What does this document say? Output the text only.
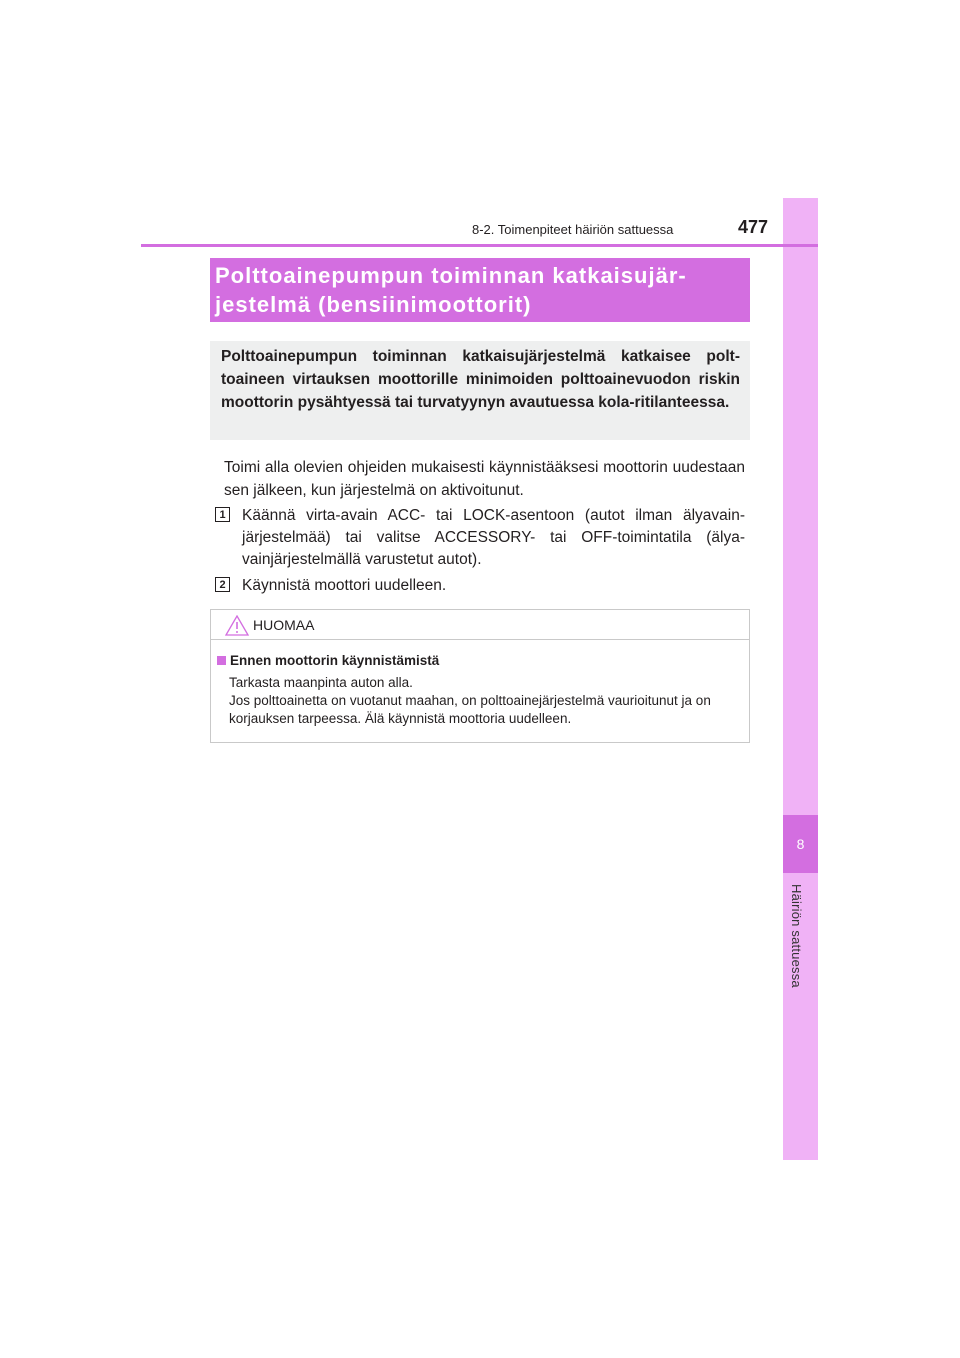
8
Häiriön sattuessa
8-2. Toimenpiteet häiriön sattuessa	477
Polttoainepumpun toiminnan katkaisujär-
jestelmä (bensiinimoottorit)
Polttoainepumpun toiminnan katkaisujärjestelmä katkaisee polt-toaineen virtauksen moottorille minimoiden polttoainevuodon riskin moottorin pysähtyessä tai turvatyynyn avautuessa kola-ritilanteessa.
Toimi alla olevien ohjeiden mukaisesti käynnistääksesi moottorin uudestaan sen jälkeen, kun järjestelmä on aktivoitunut.
1 Käännä virta-avain ACC- tai LOCK-asentoon (autot ilman älyavain-järjestelmää) tai valitse ACCESSORY- tai OFF-toimintatila (älya-vainjärjestelmällä varustetut autot).
2 Käynnistä moottori uudelleen.
HUOMAA
Ennen moottorin käynnistämistä
Tarkasta maanpinta auton alla.
Jos polttoainetta on vuotanut maahan, on polttoainejärjestelmä vaurioitunut ja on korjauksen tarpeessa. Älä käynnistä moottoria uudelleen.
